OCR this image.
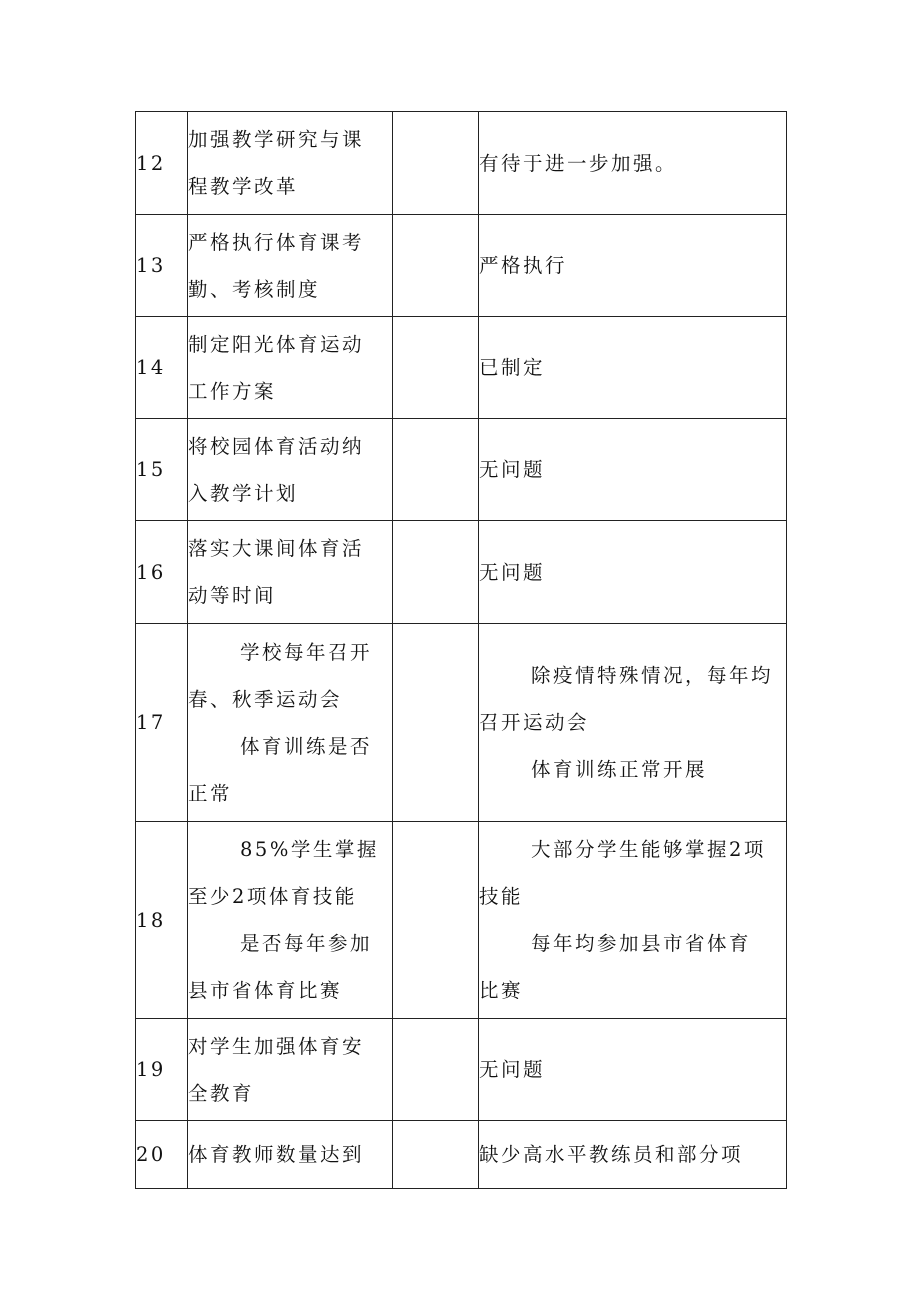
12	加强教学研究与课
程教学改革		有待于进一步加强。

13	严格执行体育课考
勤、考核制度		严格执行

14	制定阳光体育运动
工作方案		已制定

15	将校园体育活动纳
入教学计划		无问题

16	落实大课间体育活
动等时间		无问题

17	学校每年召开
春、秋季运动会
体育训练是否
正常		除疫情特殊情况，每年均
召开运动会
体育训练正常开展

18	85%学生掌握
至少2项体育技能
是否每年参加
县市省体育比赛		大部分学生能够掌握2项
技能
每年均参加县市省体育
比赛

19	对学生加强体育安
全教育		无问题

20	体育教师数量达到		缺少高水平教练员和部分项
